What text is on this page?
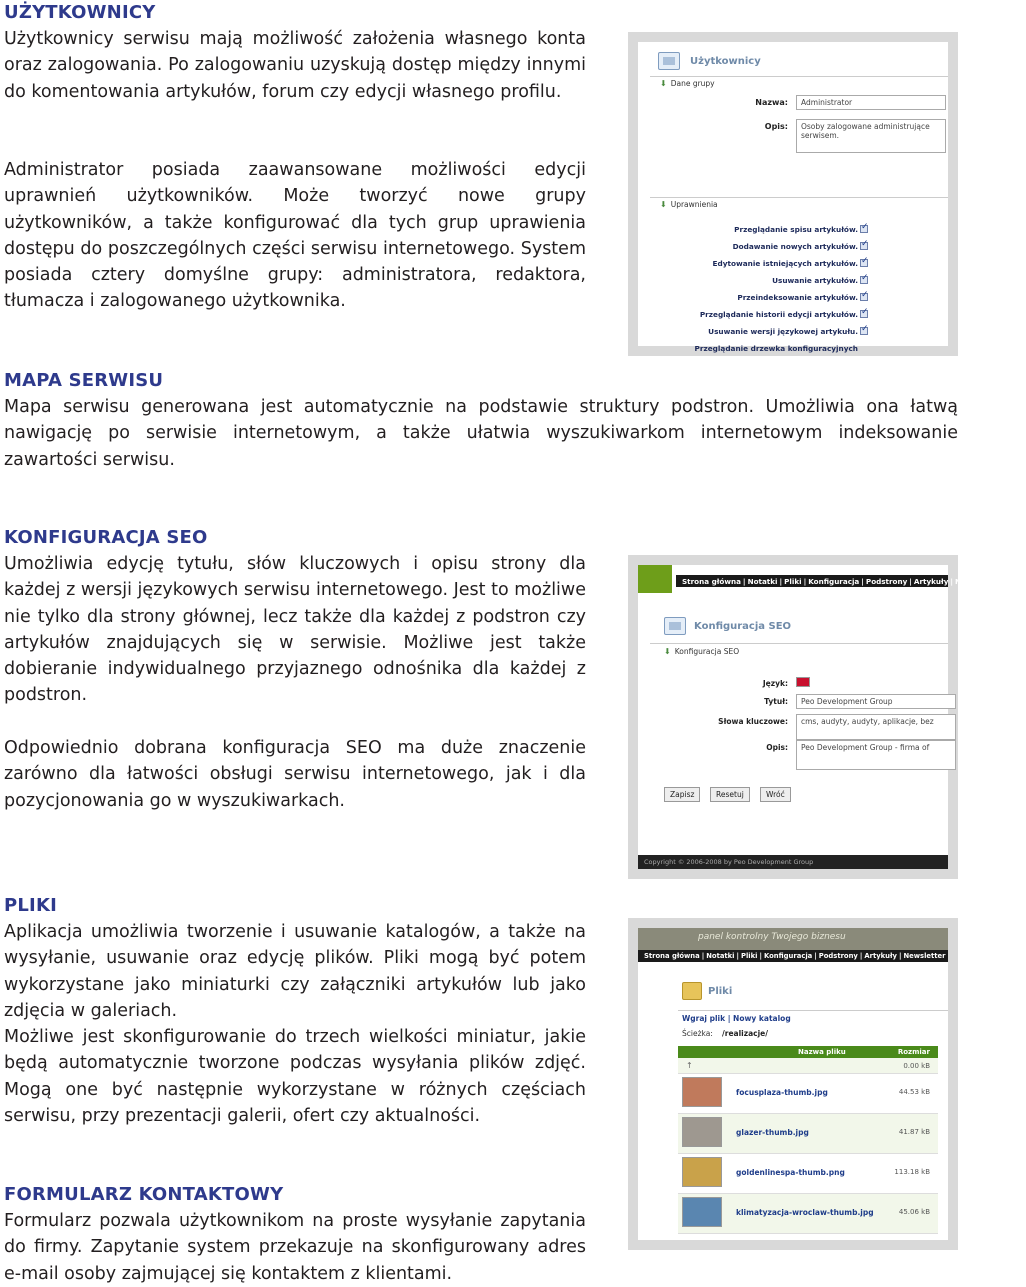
UŻYTKOWNICY
Użytkownicy serwisu mają możliwość założenia własnego konta oraz zalogowania. Po zalogowaniu uzyskują dostęp między innymi do komentowania artykułów, forum czy edycji własnego profilu.
Administrator posiada zaawansowane możliwości edycji uprawnień użytkowników. Może tworzyć nowe grupy użytkowników, a także konfigurować dla tych grup uprawienia dostępu do poszczególnych części serwisu internetowego. System posiada cztery domyślne grupy: administratora, redaktora, tłumacza i zalogowanego użytkownika.
Użytkownicy
⬇ Dane grupy
Nazwa:	Administrator
Opis:	Osoby zalogowane administrujące serwisem.
⬇ Uprawnienia
Przeglądanie spisu artykułów.
✓
Dodawanie nowych artykułów.
✓
Edytowanie istniejących artykułów.
✓
Usuwanie artykułów.
✓
Przeindeksowanie artykułów.
✓
Przeglądanie historii edycji artykułów.
✓
Usuwanie wersji językowej artykułu.
✓
Przeglądanie drzewka konfiguracyjnych
MAPA SERWISU
Mapa serwisu generowana jest automatycznie na podstawie struktury podstron. Umożliwia ona łatwą nawigację po serwisie internetowym, a także ułatwia wyszukiwarkom internetowym indeksowanie zawartości serwisu.
KONFIGURACJA SEO
Umożliwia edycję tytułu, słów kluczowych i opisu strony dla każdej z wersji językowych serwisu internetowego. Jest to możliwe nie tylko dla strony głównej, lecz także dla każdej z podstron czy artykułów znajdujących się w serwisie. Możliwe jest także dobieranie indywidualnego przyjaznego odnośnika dla każdej z podstron.
Odpowiednio dobrana konfiguracja SEO ma duże znaczenie zarówno dla łatwości obsługi serwisu internetowego, jak i dla pozycjonowania go w wyszukiwarkach.
Strona główna | Notatki | Pliki | Konfiguracja | Podstrony | Artykuły | Newsletter | Użyt
Konfiguracja SEO
⬇ Konfiguracja SEO
Język:
Tytuł:	Peo Development Group
Słowa kluczowe:	cms, audyty, audyty, aplikacje, bez
Opis:	Peo Development Group - firma of
Zapisz	Resetuj	Wróć
Copyright © 2006-2008 by Peo Development Group
PLIKI
Aplikacja umożliwia tworzenie i usuwanie katalogów, a także na wysyłanie, usuwanie oraz edycję plików. Pliki mogą być potem wykorzystane jako miniaturki czy załączniki artykułów lub jako zdjęcia w galeriach.
Możliwe jest skonfigurowanie do trzech wielkości miniatur, jakie będą automatycznie tworzone podczas wysyłania plików zdjęć. Mogą one być następnie wykorzystane w różnych częściach serwisu, przy prezentacji galerii, ofert czy aktualności.
panel kontrolny Twojego biznesu
Strona główna | Notatki | Pliki | Konfiguracja | Podstrony | Artykuły | Newsletter
Pliki
Wgraj plik | Nowy katalog
Ścieżka: /realizacje/
Nazwa pliku	Rozmiar
↑	0.00 kB
focusplaza-thumb.jpg	44.53 kB
glazer-thumb.jpg	41.87 kB
goldenlinespa-thumb.png	113.18 kB
klimatyzacja-wroclaw-thumb.jpg	45.06 kB
FORMULARZ KONTAKTOWY
Formularz pozwala użytkownikom na proste wysyłanie zapytania do firmy. Zapytanie system przekazuje na skonfigurowany adres e-mail osoby zajmującej się kontaktem z klientami.
